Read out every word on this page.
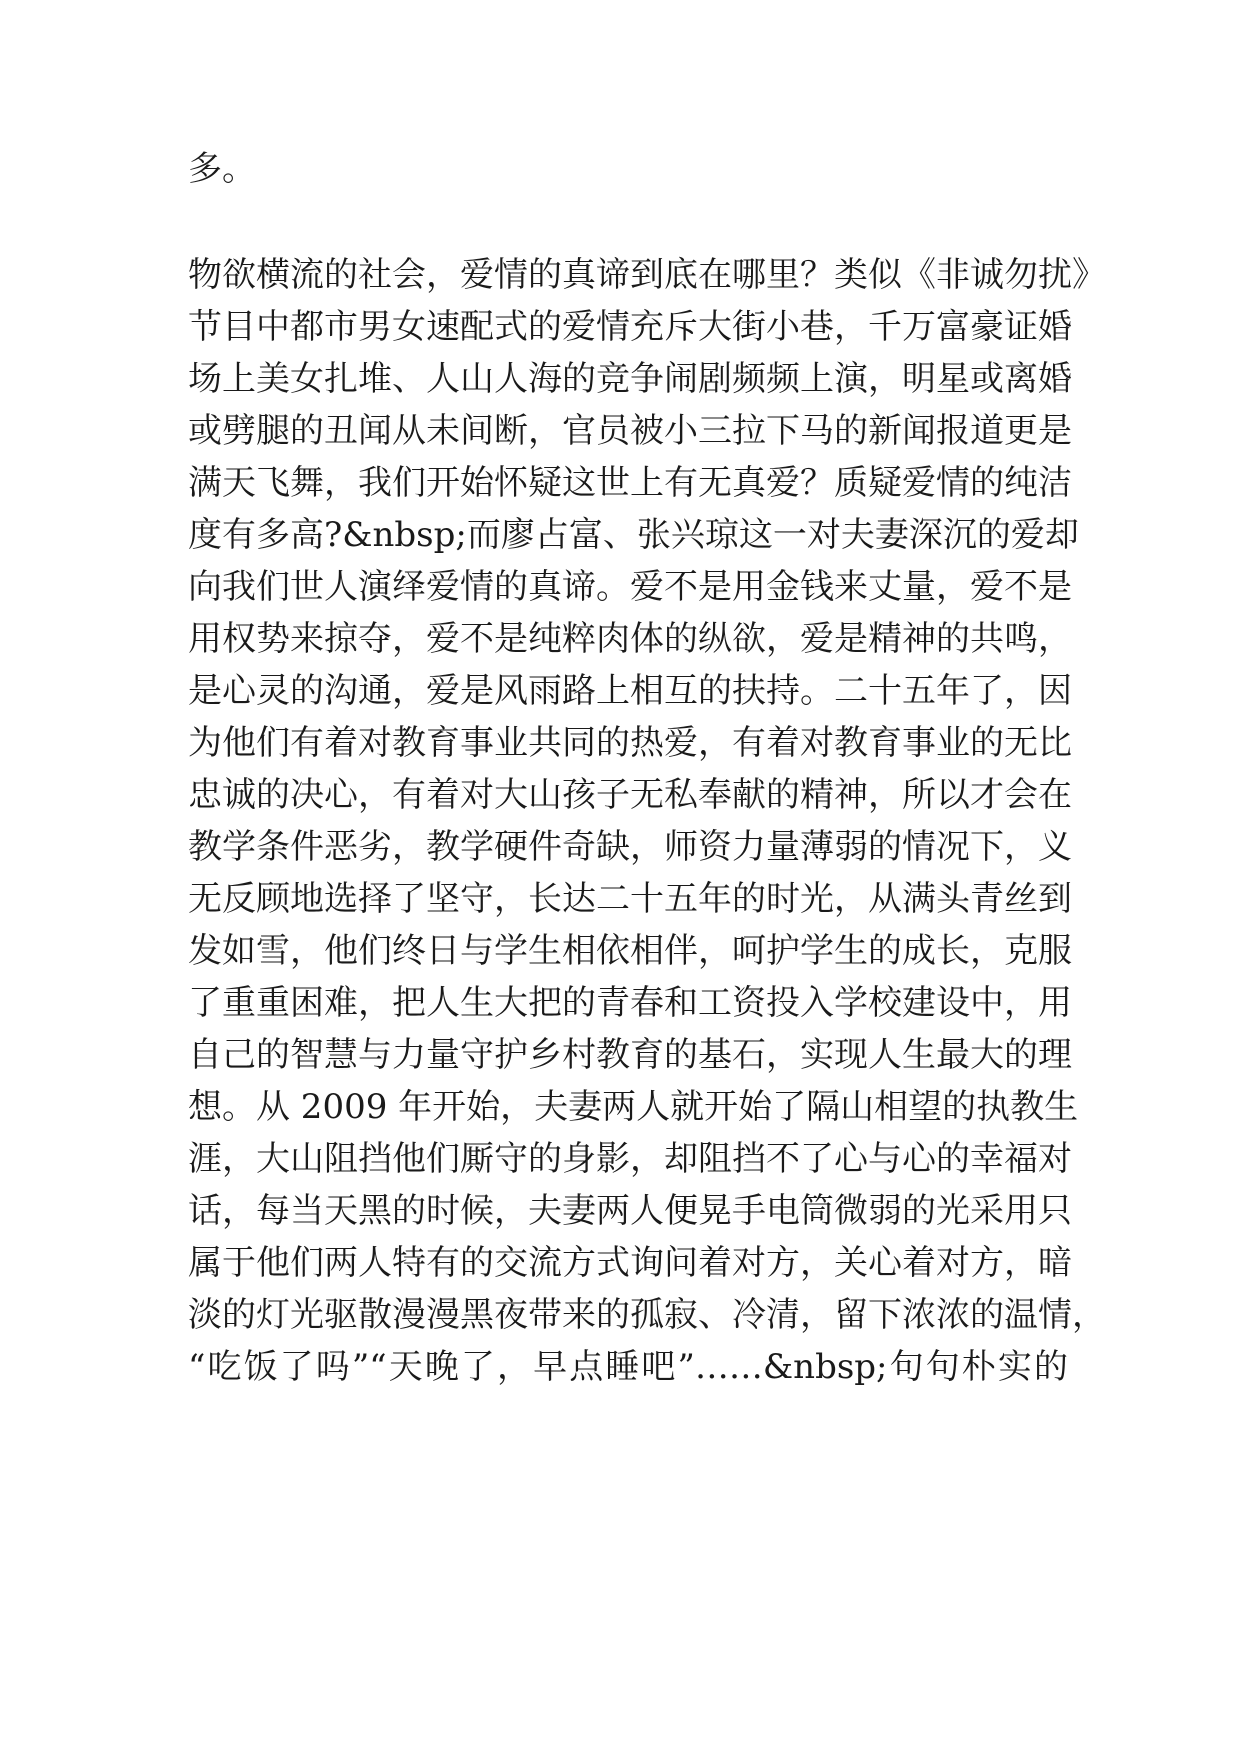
多。
物欲横流的社会，爱情的真谛到底在哪里？类似《非诚勿扰》
节目中都市男女速配式的爱情充斥大街小巷，千万富豪证婚
场上美女扎堆、人山人海的竞争闹剧频频上演，明星或离婚
或劈腿的丑闻从未间断，官员被小三拉下马的新闻报道更是
满天飞舞，我们开始怀疑这世上有无真爱？质疑爱情的纯洁
度有多高?&nbsp;而廖占富、张兴琼这一对夫妻深沉的爱却
向我们世人演绎爱情的真谛。爱不是用金钱来丈量，爱不是
用权势来掠夺，爱不是纯粹肉体的纵欲，爱是精神的共鸣，
是心灵的沟通，爱是风雨路上相互的扶持。二十五年了，因
为他们有着对教育事业共同的热爱，有着对教育事业的无比
忠诚的决心，有着对大山孩子无私奉献的精神，所以才会在
教学条件恶劣，教学硬件奇缺，师资力量薄弱的情况下，义
无反顾地选择了坚守，长达二十五年的时光，从满头青丝到
发如雪，他们终日与学生相依相伴，呵护学生的成长，克服
了重重困难，把人生大把的青春和工资投入学校建设中，用
自己的智慧与力量守护乡村教育的基石，实现人生最大的理
想。从 2009 年开始，夫妻两人就开始了隔山相望的执教生
涯，大山阻挡他们厮守的身影，却阻挡不了心与心的幸福对
话，每当天黑的时候，夫妻两人便晃手电筒微弱的光采用只
属于他们两人特有的交流方式询问着对方，关心着对方，暗
淡的灯光驱散漫漫黑夜带来的孤寂、冷清，留下浓浓的温情，
“吃饭了吗”“天晚了，早点睡吧”……&nbsp;句句朴实的
